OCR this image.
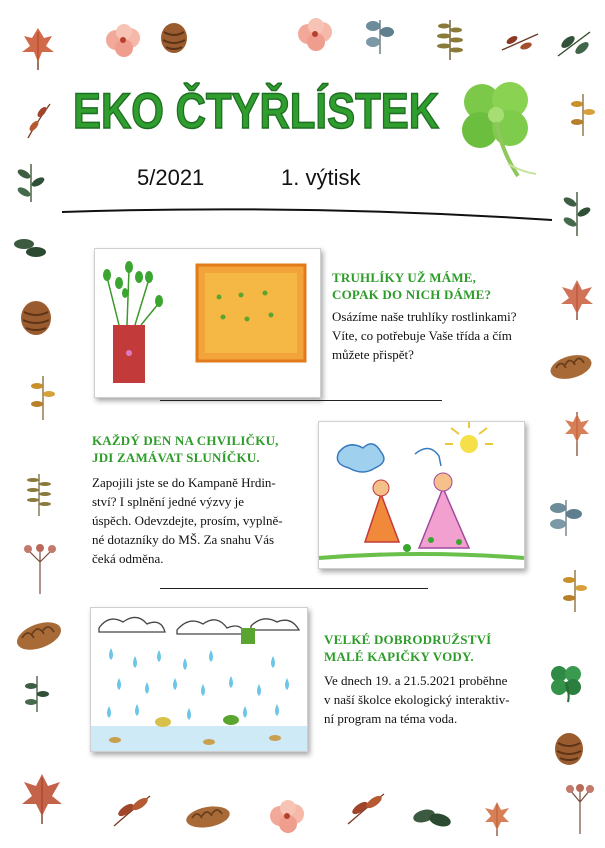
EKO ČTYŘLÍSTEK
5/2021	1. výtisk
TRUHLÍKY UŽ MÁME,
COPAK DO NICH DÁME?
Osázíme naše truhlíky rostlinkami?
Víte, co potřebuje Vaše třída a čím
můžete přispět?
KAŽDÝ DEN NA CHVILIČKU,
JDI ZAMÁVAT SLUNÍČKU.
Zapojili jste se do Kampaně Hrdin-
ství? I splnění jedné výzvy je
úspěch. Odevzdejte, prosím, vyplně-
né dotazníky do MŠ. Za snahu Vás
čeká odměna.
VELKÉ DOBRODRUŽSTVÍ
MALÉ KAPIČKY VODY.
Ve dnech 19. a 21.5.2021 proběhne
v naší školce ekologický interaktiv-
ní program na téma voda.
